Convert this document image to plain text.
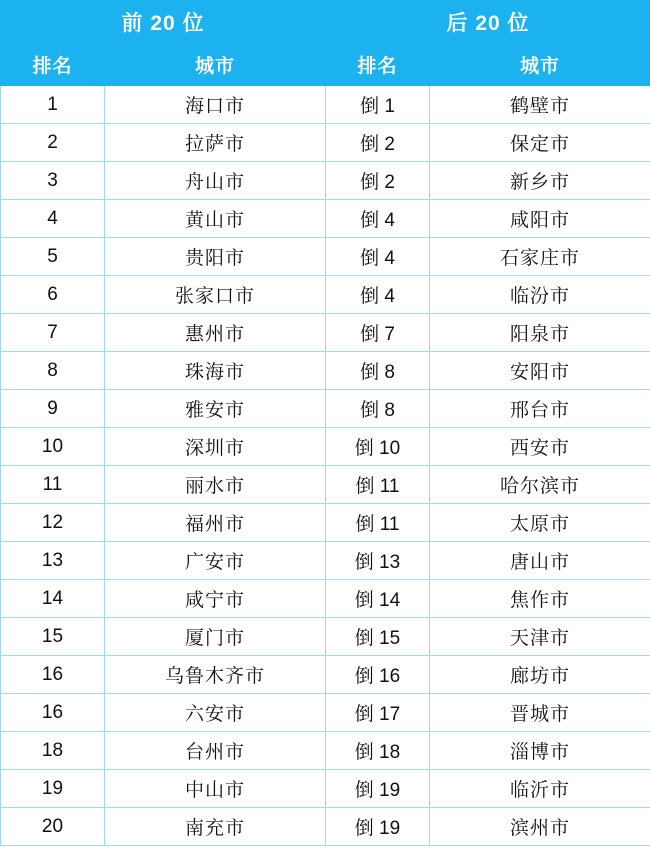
前 20 位		后 20 位	
排名	城市	排名	城市
1	海口市	倒 1	鹤壁市
2	拉萨市	倒 2	保定市
3	舟山市	倒 2	新乡市
4	黄山市	倒 4	咸阳市
5	贵阳市	倒 4	石家庄市
6	张家口市	倒 4	临汾市
7	惠州市	倒 7	阳泉市
8	珠海市	倒 8	安阳市
9	雅安市	倒 8	邢台市
10	深圳市	倒 10	西安市
11	丽水市	倒 11	哈尔滨市
12	福州市	倒 11	太原市
13	广安市	倒 13	唐山市
14	咸宁市	倒 14	焦作市
15	厦门市	倒 15	天津市
16	乌鲁木齐市	倒 16	廊坊市
16	六安市	倒 17	晋城市
18	台州市	倒 18	淄博市
19	中山市	倒 19	临沂市
20	南充市	倒 19	滨州市
